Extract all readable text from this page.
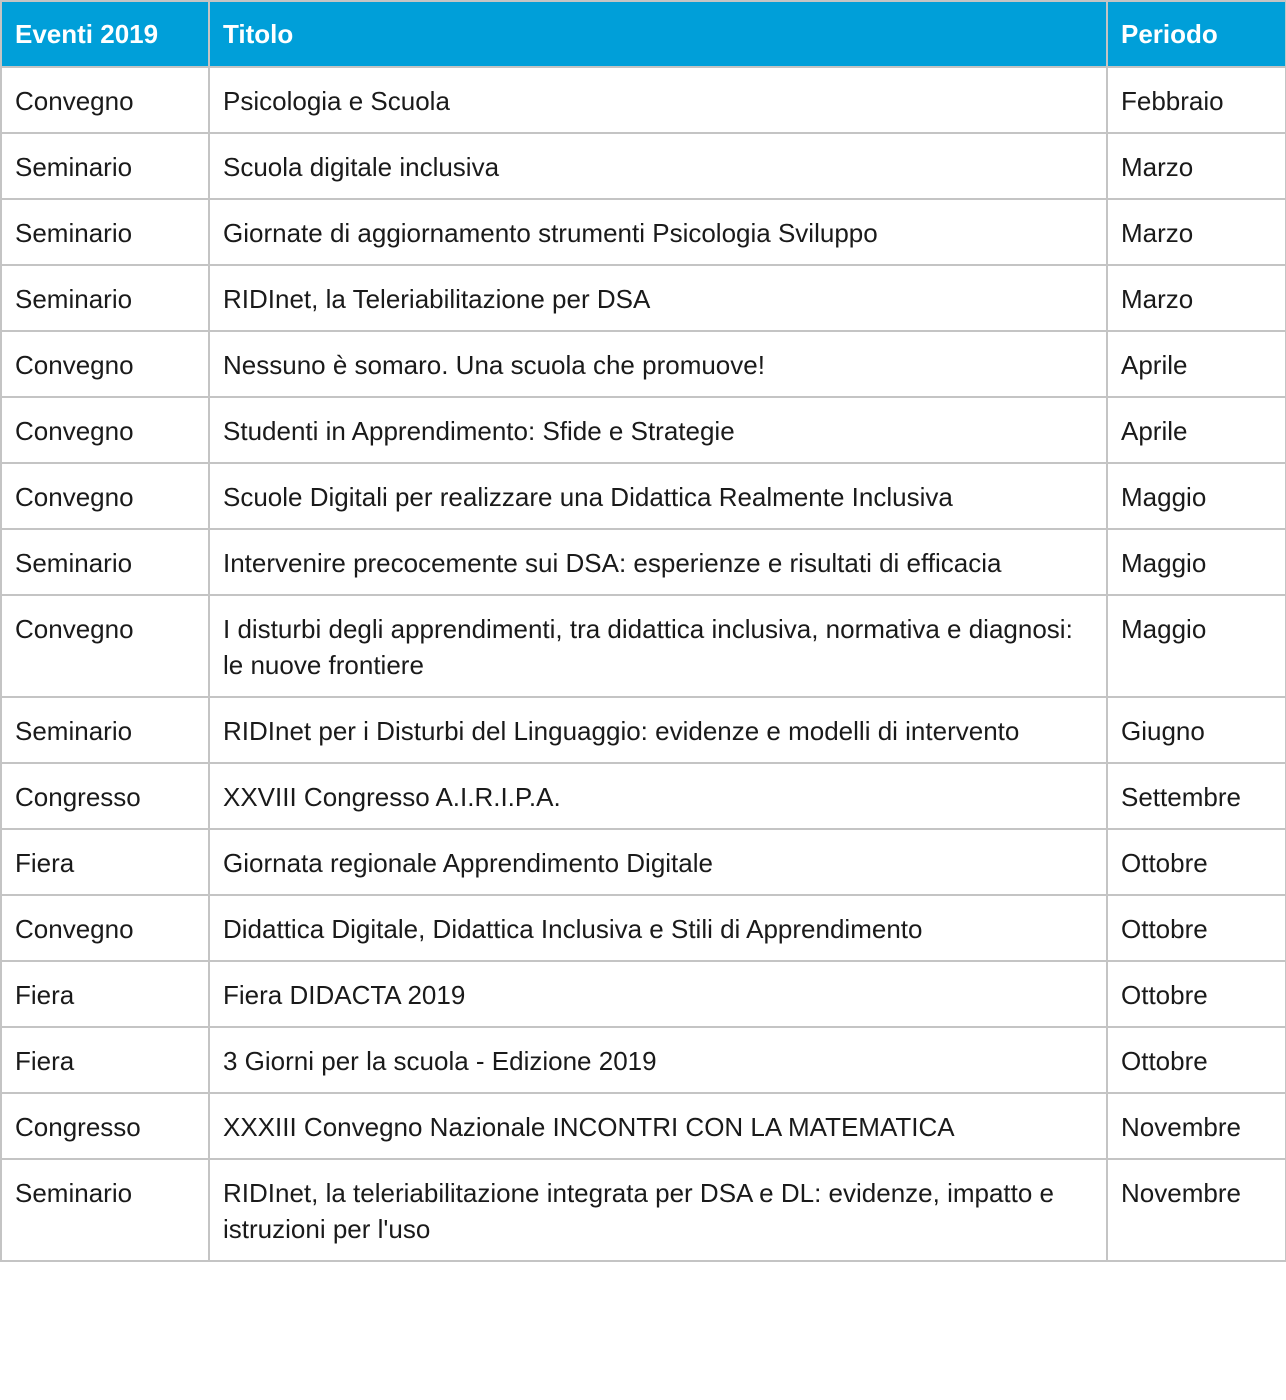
Eventi 2019	Titolo	Periodo
Convegno	Psicologia e Scuola	Febbraio
Seminario	Scuola digitale inclusiva	Marzo
Seminario	Giornate di aggiornamento strumenti Psicologia Sviluppo	Marzo
Seminario	RIDInet, la Teleriabilitazione per DSA	Marzo
Convegno	Nessuno è somaro. Una scuola che promuove!	Aprile
Convegno	Studenti in Apprendimento: Sfide e Strategie	Aprile
Convegno	Scuole Digitali per realizzare una Didattica Realmente Inclusiva	Maggio
Seminario	Intervenire precocemente sui DSA: esperienze e risultati di efficacia	Maggio
Convegno	I disturbi degli apprendimenti, tra didattica inclusiva, normativa e diagnosi: le nuove frontiere	Maggio
Seminario	RIDInet per i Disturbi del Linguaggio: evidenze e modelli di intervento	Giugno
Congresso	XXVIII Congresso A.I.R.I.P.A.	Settembre
Fiera	Giornata regionale Apprendimento Digitale	Ottobre
Convegno	Didattica Digitale, Didattica Inclusiva e Stili di Apprendimento	Ottobre
Fiera	Fiera DIDACTA 2019	Ottobre
Fiera	3 Giorni per la scuola - Edizione 2019	Ottobre
Congresso	XXXIII Convegno Nazionale INCONTRI CON LA MATEMATICA	Novembre
Seminario	RIDInet, la teleriabilitazione integrata per DSA e DL: evidenze, impatto e istruzioni per l'uso	Novembre
